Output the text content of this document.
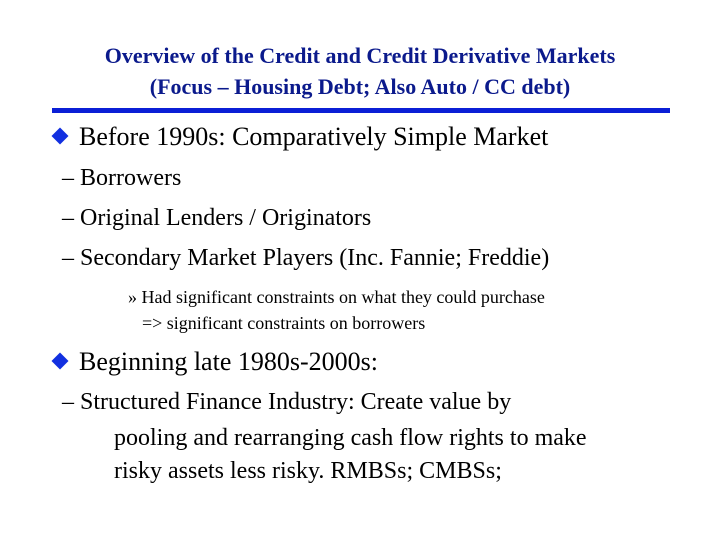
Overview of the Credit and Credit Derivative Markets
(Focus – Housing Debt; Also Auto / CC debt)
Before 1990s: Comparatively Simple Market
– Borrowers
– Original Lenders / Originators
– Secondary Market Players (Inc. Fannie; Freddie)
» Had significant constraints on what they could purchase
=> significant constraints on borrowers
Beginning late 1980s-2000s:
– Structured Finance Industry: Create value by
pooling and rearranging cash flow rights to make
risky assets less risky. RMBSs; CMBSs;
